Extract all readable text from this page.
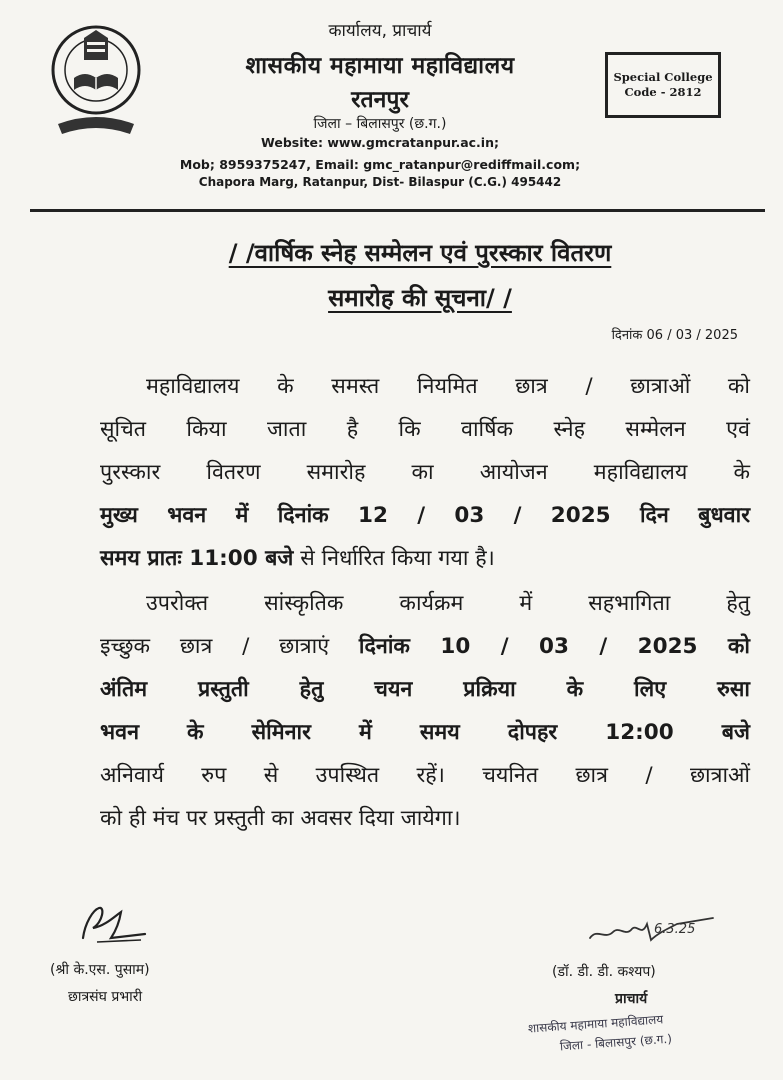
कार्यालय, प्राचार्य
शासकीय महामाया महाविद्यालय
रतनपुर
जिला – बिलासपुर (छ.ग.)
Website: www.gmcratanpur.ac.in;
Mob; 8959375247, Email: gmc_ratanpur@rediffmail.com;
Chapora Marg, Ratanpur, Dist- Bilaspur (C.G.) 495442
Special College
Code - 2812
/ /वार्षिक स्नेह सम्मेलन एवं पुरस्कार वितरण
समारोह की सूचना/ /
दिनांक 06 / 03 / 2025
महाविद्यालय के समस्त नियमित छात्र / छात्राओं को
सूचित किया जाता है कि वार्षिक स्नेह सम्मेलन एवं
पुरस्कार वितरण समारोह का आयोजन महाविद्यालय के
मुख्य भवन में दिनांक 12 / 03 / 2025 दिन बुधवार
समय प्रातः 11:00 बजे से निर्धारित किया गया है।
उपरोक्त सांस्कृतिक कार्यक्रम में सहभागिता हेतु
इच्छुक छात्र / छात्राएं दिनांक 10 / 03 / 2025 को
अंतिम प्रस्तुती हेतु चयन प्रक्रिया के लिए रुसा
भवन के सेमिनार में समय दोपहर 12:00 बजे
अनिवार्य रुप से उपस्थित रहें। चयनित छात्र / छात्राओं
को ही मंच पर प्रस्तुती का अवसर दिया जायेगा।
6.3.25
(श्री के.एस. पुसाम)
छात्रसंघ प्रभारी
(डॉ. डी. डी. कश्यप)
प्राचार्य
शासकीय महामाया महाविद्यालय
जिला - बिलासपुर (छ.ग.)
